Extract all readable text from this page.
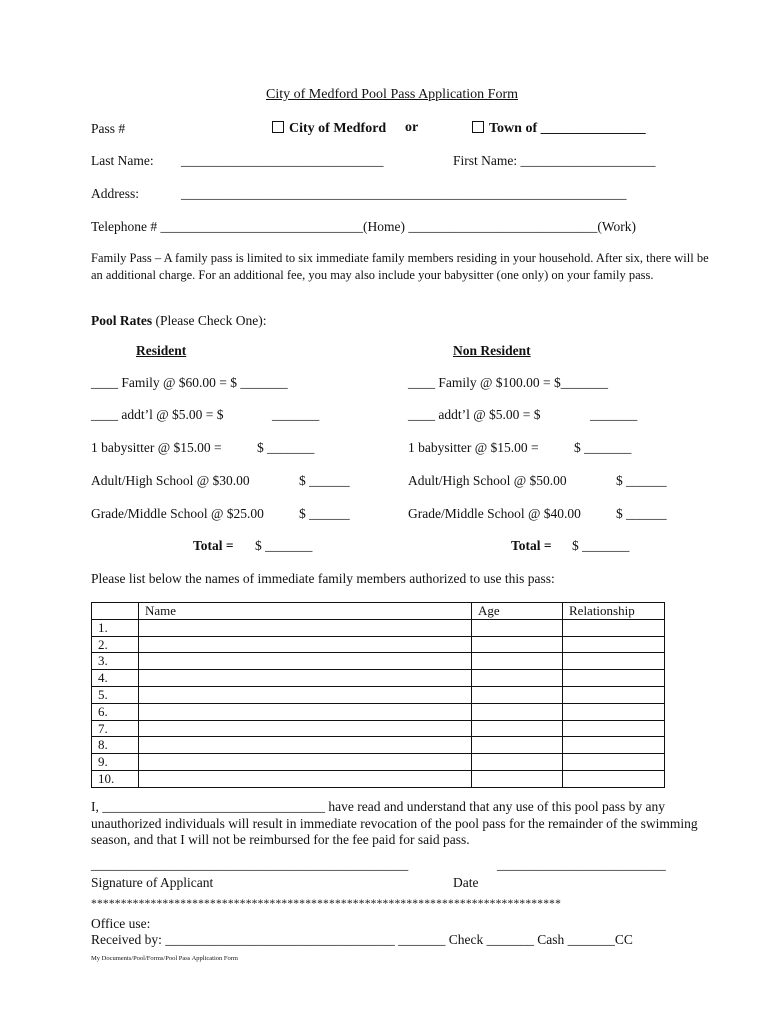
City of Medford Pool Pass Application Form
Pass #	City of Medford or	Town of _______________
Last Name: ______________________________	First Name: ____________________
Address:	__________________________________________________________________
Telephone # ______________________________(Home) ____________________________(Work)
Family Pass – A family pass is limited to six immediate family members residing in your household. After six, there will be an additional charge. For an additional fee, you may also include your babysitter (one only) on your family pass.
Pool Rates (Please Check One):
Resident
____ Family @ $60.00 = $ _______
____ addt’l @ $5.00 = $	_______
1 babysitter @ $15.00 =	$ _______
Adult/High School @ $30.00	$ ______
Grade/Middle School @ $25.00	$ ______
Total = $ _______
Non Resident
____ Family @ $100.00 = $_______
____ addt’l @ $5.00 = $	_______
1 babysitter @ $15.00 =	$ _______
Adult/High School @ $50.00	$ ______
Grade/Middle School @ $40.00	$ ______
Total = $ _______
Please list below the names of immediate family members authorized to use this pass:
	Name	Age	Relationship
1.			
2.			
3.			
4.			
5.			
6.			
7.			
8.			
9.			
10.			
I, _________________________________ have read and understand that any use of this pool pass by any unauthorized individuals will result in immediate revocation of the pool pass for the remainder of the swimming season, and that I will not be reimbursed for the fee paid for said pass.
_______________________________________________	_________________________
Signature of Applicant	Date
*******************************************************************************
Office use:
Received by: __________________________________ _______ Check _______ Cash _______CC
My Documents/Pool/Forms/Pool Pass Application Form
